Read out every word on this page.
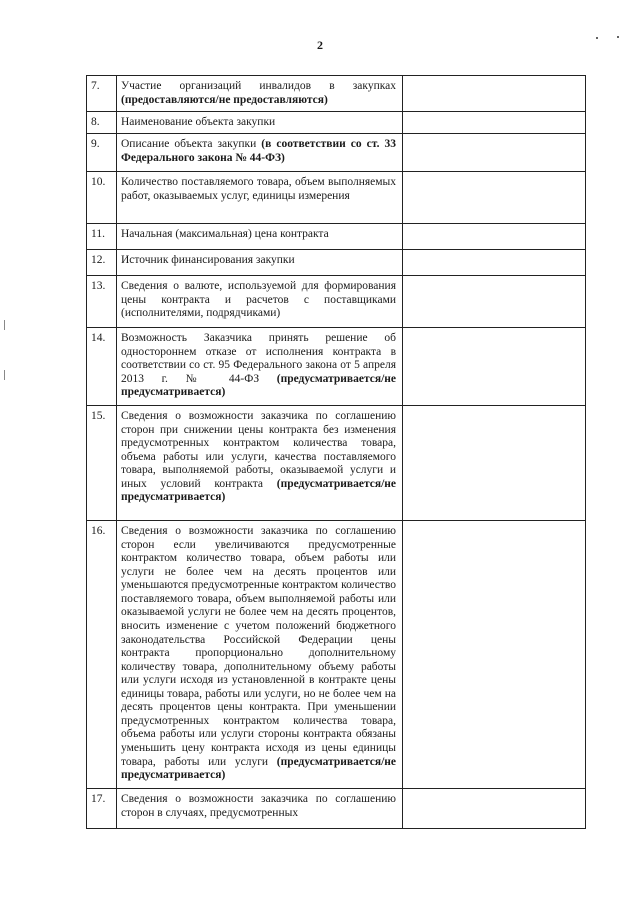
2
7.	Участие организаций инвалидов в закупках (предоставляются/не предоставляются)	
8.	Наименование объекта закупки	
9.	Описание объекта закупки (в соответствии со ст. 33 Федерального закона № 44-ФЗ)	
10.	Количество поставляемого товара, объем выполняемых работ, оказываемых услуг, единицы измерения	
11.	Начальная (максимальная) цена контракта	
12.	Источник финансирования закупки	
13.	Сведения о валюте, используемой для формирования цены контракта и расчетов с поставщиками (исполнителями, подрядчиками)	
14.	Возможность Заказчика принять решение об одностороннем отказе от исполнения контракта в соответствии со ст. 95 Федерального закона от 5 апреля 2013 г. № 44-ФЗ (предусматривается/не предусматривается)	
15.	Сведения о возможности заказчика по соглашению сторон при снижении цены контракта без изменения предусмотренных контрактом количества товара, объема работы или услуги, качества поставляемого товара, выполняемой работы, оказываемой услуги и иных условий контракта (предусматривается/не предусматривается)	
16.	Сведения о возможности заказчика по соглашению сторон если увеличиваются предусмотренные контрактом количество товара, объем работы или услуги не более чем на десять процентов или уменьшаются предусмотренные контрактом количество поставляемого товара, объем выполняемой работы или оказываемой услуги не более чем на десять процентов, вносить изменение с учетом положений бюджетного законодательства Российской Федерации цены контракта пропорционально дополнительному количеству товара, дополнительному объему работы или услуги исходя из установленной в контракте цены единицы товара, работы или услуги, но не более чем на десять процентов цены контракта. При уменьшении предусмотренных контрактом количества товара, объема работы или услуги стороны контракта обязаны уменьшить цену контракта исходя из цены единицы товара, работы или услуги (предусматривается/не предусматривается)	
17.	Сведения о возможности заказчика по соглашению сторон в случаях, предусмотренных	
